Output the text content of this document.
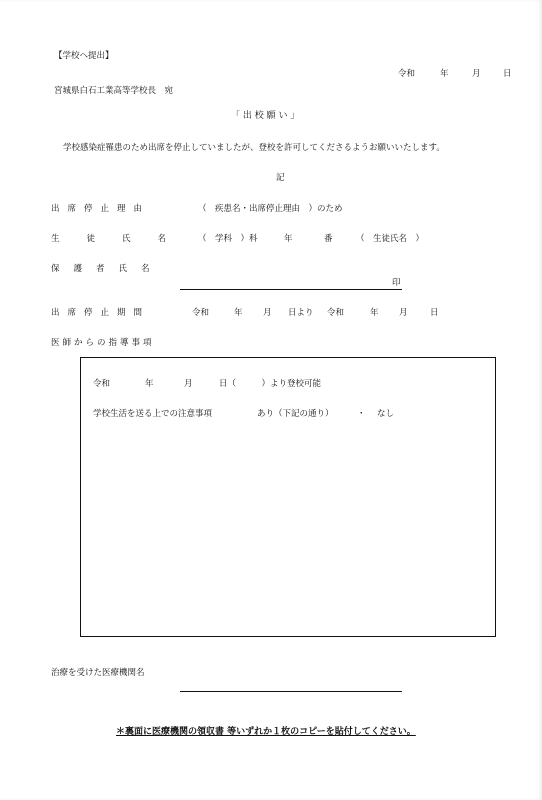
【学校へ提出】
令和	年	月	日
宮城県白石工業高等学校長　宛
「 出 校 願 い 」
学校感染症罹患のため出席を停止していましたが、登校を許可してくださるようお願いいたします。
記
出席停止理由	（　疾患名・出席停止理由　）のため
生徒氏名 （　学科　）科	年	番	（　生徒氏名　）
保護者氏名
印
出席停止期間	令和	年 月 日より 令和	年 月	日
医師からの指導事項
令和	年	月	日（　　　）より登校可能
学校生活を送る上での注意事項	あり（下記の通り）	・ なし
治療を受けた医療機関名
＊裏面に医療機関の領収書 等いずれか１枚のコピーを貼付してください。
